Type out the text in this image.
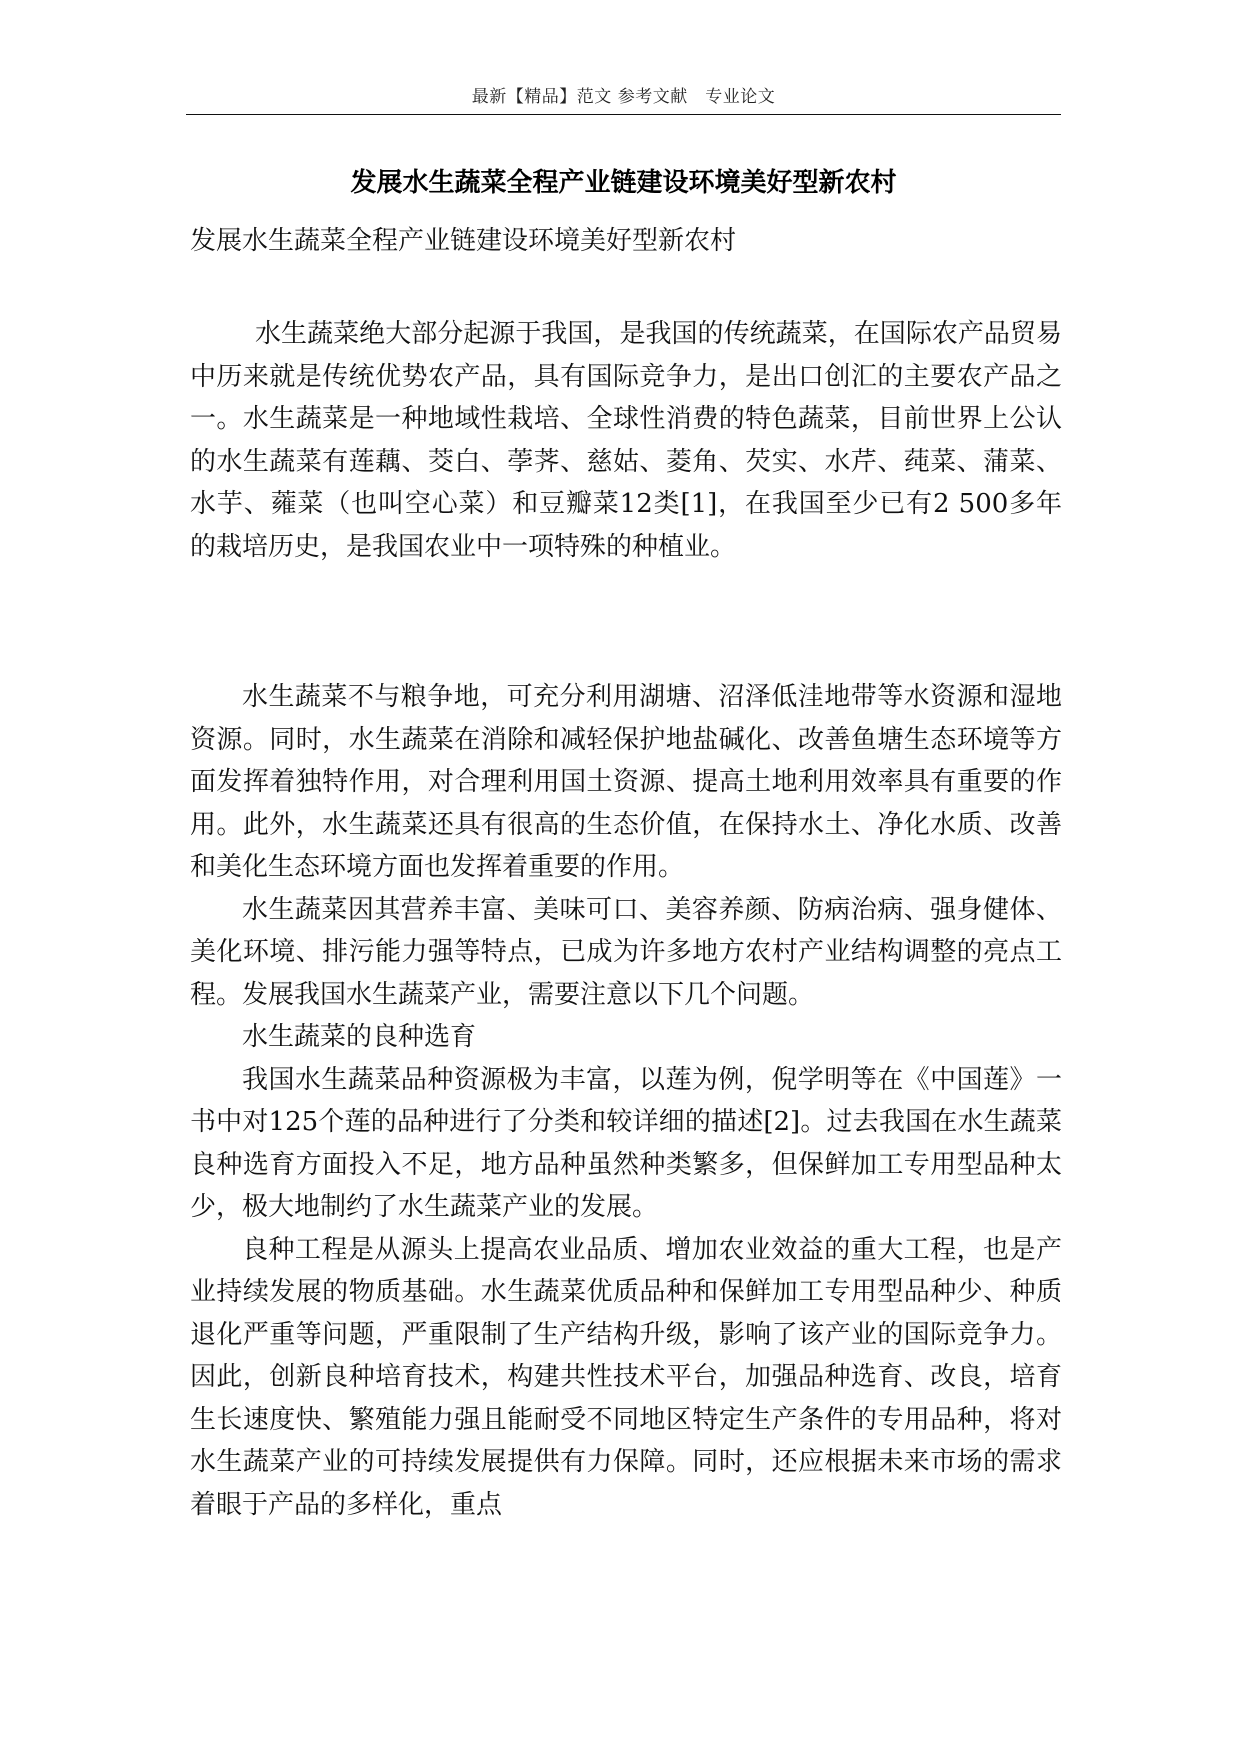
最新【精品】范文 参考文献　专业论文
发展水生蔬菜全程产业链建设环境美好型新农村
发展水生蔬菜全程产业链建设环境美好型新农村

水生蔬菜绝大部分起源于我国，是我国的传统蔬菜，在国际农产品贸易中历来就是传统优势农产品，具有国际竞争力，是出口创汇的主要农产品之一。水生蔬菜是一种地域性栽培、全球性消费的特色蔬菜，目前世界上公认的水生蔬菜有莲藕、茭白、荸荠、慈姑、菱角、芡实、水芹、莼菜、蒲菜、水芋、蕹菜（也叫空心菜）和豆瓣菜12类[1]，在我国至少已有2 500多年的栽培历史，是我国农业中一项特殊的种植业。

水生蔬菜不与粮争地，可充分利用湖塘、沼泽低洼地带等水资源和湿地资源。同时，水生蔬菜在消除和减轻保护地盐碱化、改善鱼塘生态环境等方面发挥着独特作用，对合理利用国土资源、提高土地利用效率具有重要的作用。此外，水生蔬菜还具有很高的生态价值，在保持水土、净化水质、改善和美化生态环境方面也发挥着重要的作用。

水生蔬菜因其营养丰富、美味可口、美容养颜、防病治病、强身健体、美化环境、排污能力强等特点，已成为许多地方农村产业结构调整的亮点工程。发展我国水生蔬菜产业，需要注意以下几个问题。

水生蔬菜的良种选育

我国水生蔬菜品种资源极为丰富，以莲为例，倪学明等在《中国莲》一书中对125个莲的品种进行了分类和较详细的描述[2]。过去我国在水生蔬菜良种选育方面投入不足，地方品种虽然种类繁多，但保鲜加工专用型品种太少，极大地制约了水生蔬菜产业的发展。

良种工程是从源头上提高农业品质、增加农业效益的重大工程，也是产业持续发展的物质基础。水生蔬菜优质品种和保鲜加工专用型品种少、种质退化严重等问题，严重限制了生产结构升级，影响了该产业的国际竞争力。因此，创新良种培育技术，构建共性技术平台，加强品种选育、改良，培育生长速度快、繁殖能力强且能耐受不同地区特定生产条件的专用品种，将对水生蔬菜产业的可持续发展提供有力保障。同时，还应根据未来市场的需求着眼于产品的多样化，重点
